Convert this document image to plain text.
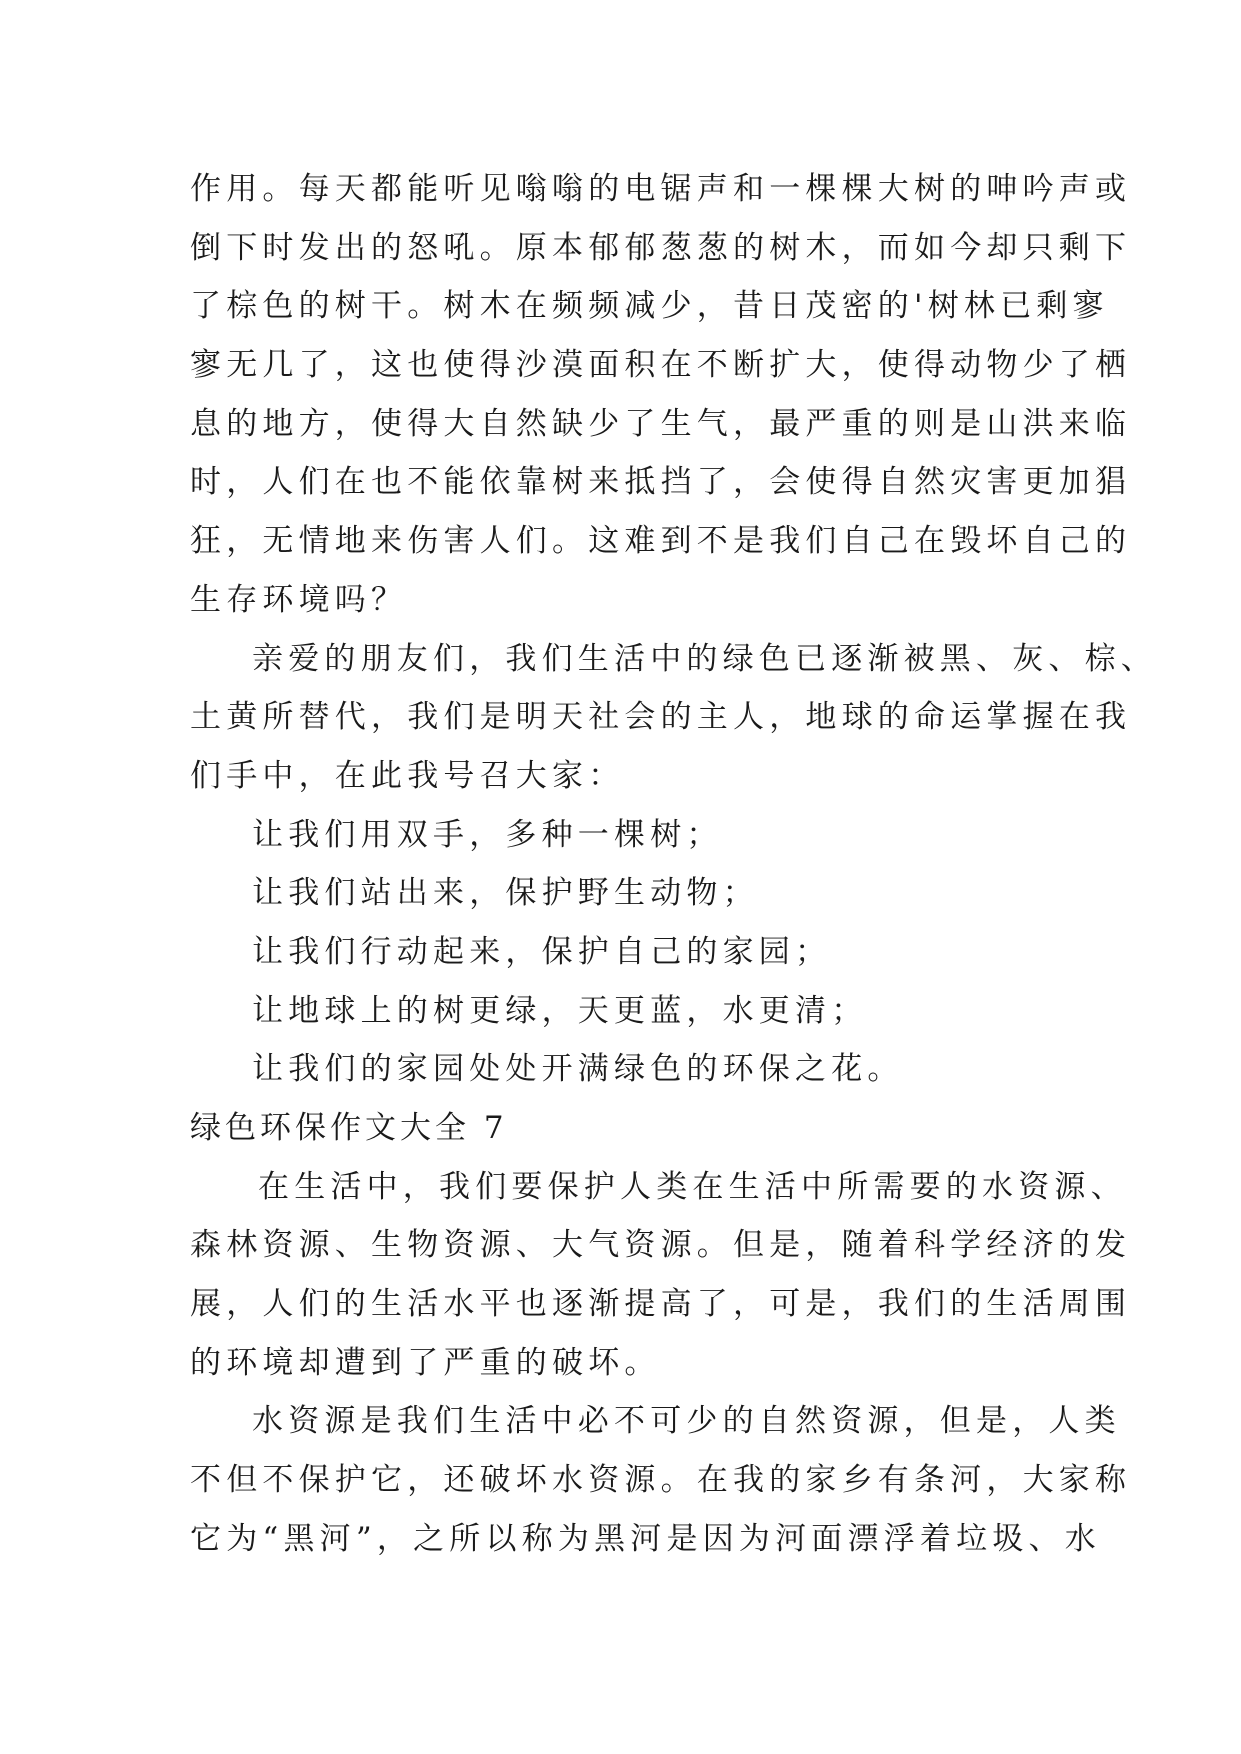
作用。每天都能听见嗡嗡的电锯声和一棵棵大树的呻吟声或
倒下时发出的怒吼。原本郁郁葱葱的树木，而如今却只剩下
了棕色的树干。树木在频频减少，昔日茂密的'树林已剩寥
寥无几了，这也使得沙漠面积在不断扩大，使得动物少了栖
息的地方，使得大自然缺少了生气，最严重的则是山洪来临
时，人们在也不能依靠树来抵挡了，会使得自然灾害更加猖
狂，无情地来伤害人们。这难到不是我们自己在毁坏自己的
生存环境吗？
亲爱的朋友们，我们生活中的绿色已逐渐被黑、灰、棕、
土黄所替代，我们是明天社会的主人，地球的命运掌握在我
们手中，在此我号召大家：
让我们用双手，多种一棵树；
让我们站出来，保护野生动物；
让我们行动起来，保护自己的家园；
让地球上的树更绿，天更蓝，水更清；
让我们的家园处处开满绿色的环保之花。
绿色环保作文大全 7
在生活中，我们要保护人类在生活中所需要的水资源、
森林资源、生物资源、大气资源。但是，随着科学经济的发
展，人们的生活水平也逐渐提高了，可是，我们的生活周围
的环境却遭到了严重的破坏。
水资源是我们生活中必不可少的自然资源，但是，人类
不但不保护它，还破坏水资源。在我的家乡有条河，大家称
它为“黑河”，之所以称为黑河是因为河面漂浮着垃圾、水
